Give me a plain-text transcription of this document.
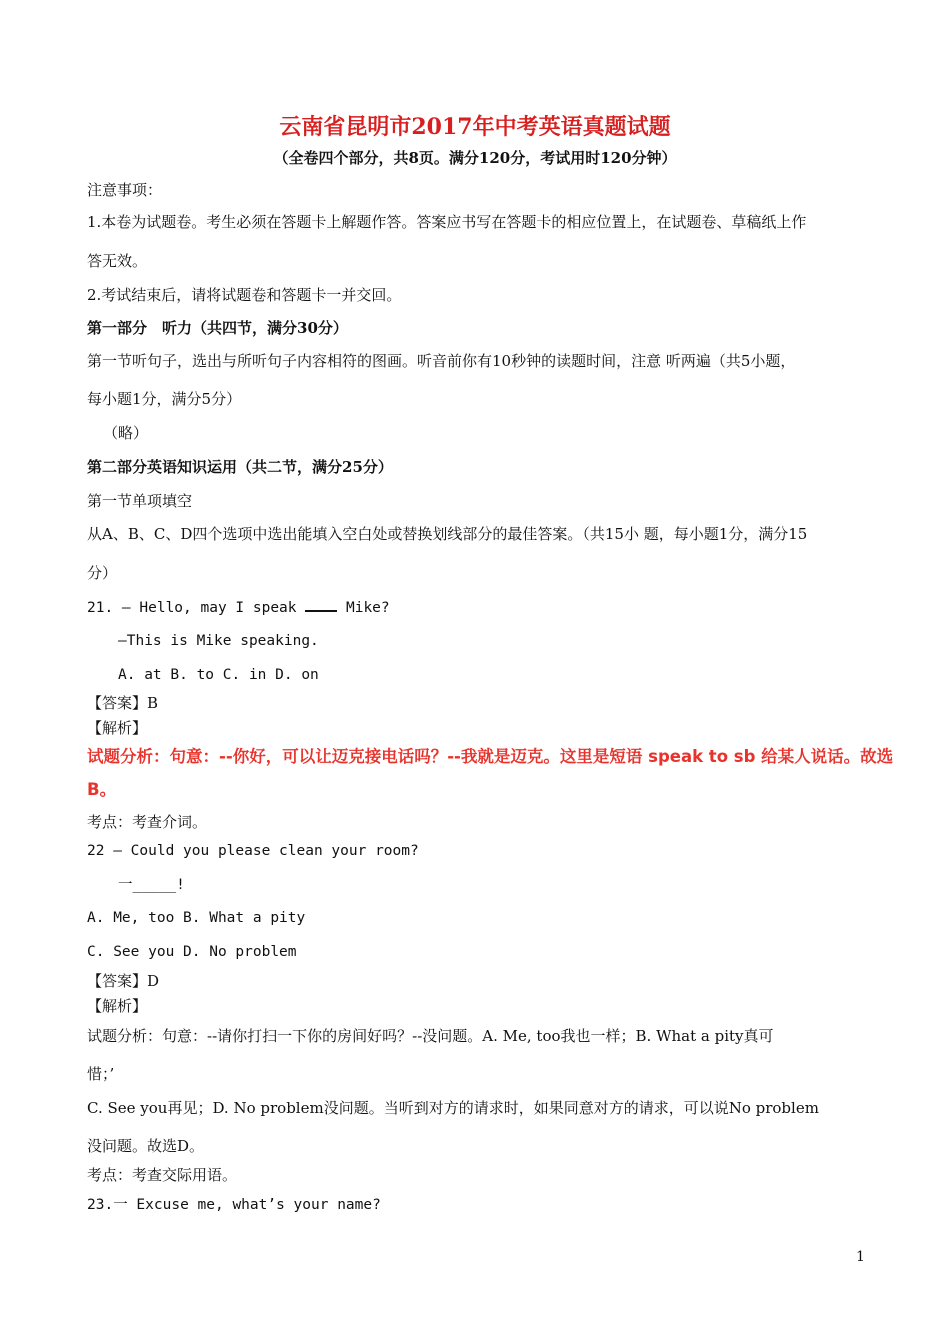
云南省昆明市2017年中考英语真题试题
（全卷四个部分，共8页。满分120分，考试用时120分钟）
注意事项：
1.本卷为试题卷。考生必须在答题卡上解题作答。答案应书写在答题卡的相应位置上，在试题卷、草稿纸上作
答无效。
2.考试结束后，请将试题卷和答题卡一并交回。
第一部分　听力（共四节，满分30分）
第一节听句子，选出与所听句子内容相符的图画。听音前你有10秒钟的读题时间，注意 听两遍（共5小题，
每小题1分，满分5分）
（略）
第二部分英语知识运用（共二节，满分25分）
第一节单项填空
从A、B、C、D四个选项中选出能填入空白处或替换划线部分的最佳答案。（共15小 题，每小题1分，满分15
分）
21. — Hello, may I speak  Mike?
—This is Mike speaking.
A. at B. to C. in D. on
【答案】B
【解析】
试题分析：句意：--你好，可以让迈克接电话吗？--我就是迈克。这里是短语 speak to sb 给某人说话。故选
B。
考点：考查介词。
22 — Could you please clean your room?
一_____!
A. Me, too B. What a pity
C. See you D. No problem
【答案】D
【解析】
试题分析：句意：--请你打扫一下你的房间好吗？--没问题。A. Me, too我也一样；B. What a pity真可
惜；’
C. See you再见；D. No problem没问题。当听到对方的请求时，如果同意对方的请求，可以说No problem
没问题。故选D。
考点：考查交际用语。
23.一 Excuse me, what’s your name?
1
